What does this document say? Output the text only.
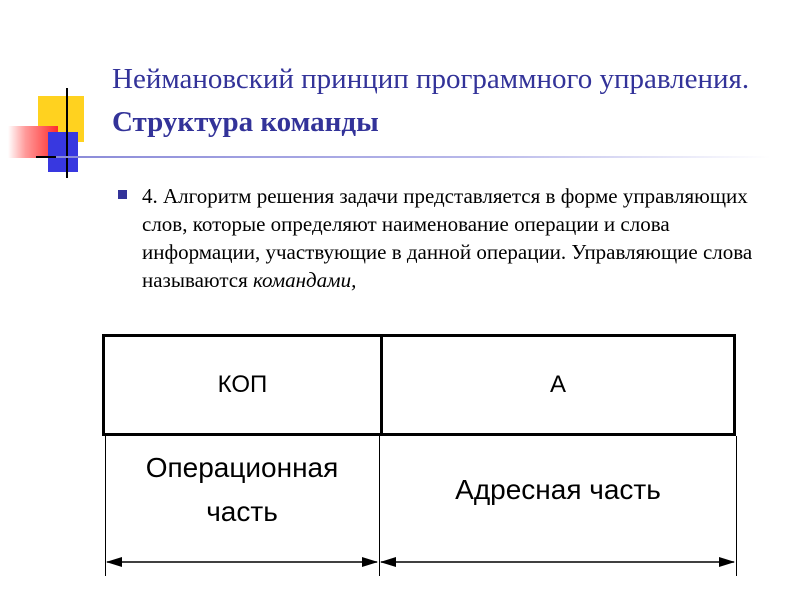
Неймановский принцип программного управления. Структура команды

4. Алгоритм решения задачи представляется в форме управляющих слов, которые определяют наименование операции и слова информации, участвующие в данной операции. Управляющие слова называются командами,

КОП	А
Операционная
часть
Адресная часть
